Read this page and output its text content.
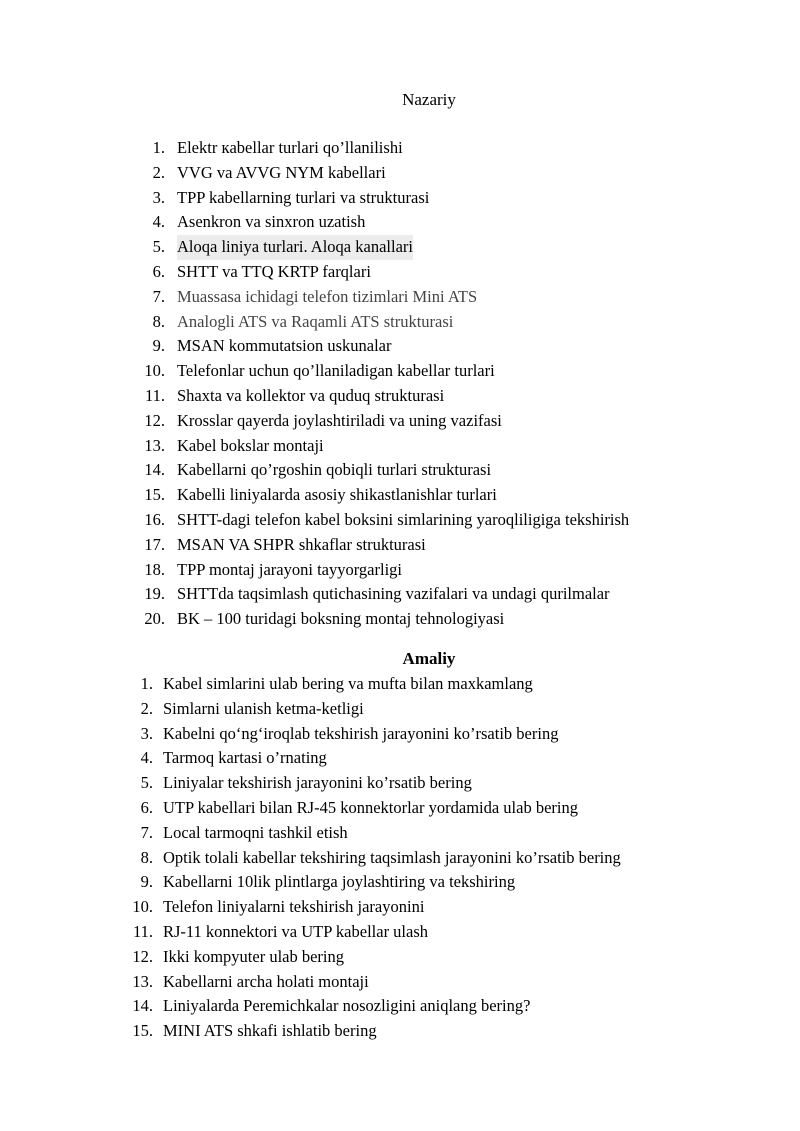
Nazariy
1. Elektr кabellar turlari qo’llanilishi
2. VVG va AVVG NYM kabellari
3. TPP kabellarning turlari va strukturasi
4. Asenkron va sinxron uzatish
5. Aloqa liniya turlari. Aloqa kanallari
6. SHTT va TTQ KRTP farqlari
7. Muassasa ichidagi telefon tizimlari Mini ATS
8. Analogli ATS va Raqamli ATS strukturasi
9. MSAN kommutatsion uskunalar
10. Telefonlar uchun qo’llaniladigan kabellar turlari
11. Shaxta va kollektor va quduq strukturasi
12. Krosslar qayerda joylashtiriladi va uning vazifasi
13. Kabel bokslar montaji
14. Kabellarni qo’rgoshin qobiqli turlari strukturasi
15. Kabelli liniyalarda asosiy shikastlanishlar turlari
16. SHTT-dagi telefon kabel boksini simlarining yaroqliligiga tekshirish
17. MSAN VA SHPR shkaflar strukturasi
18. TPP montaj jarayoni tayyorgarligi
19. SHTTda taqsimlash qutichasining vazifalari va undagi qurilmalar
20. BK – 100 turidagi boksning montaj tehnologiyasi
Amaliy
1. Kabel simlarini ulab bering va mufta bilan maxkamlang
2. Simlarni ulanish ketma-ketligi
3. Kabelni qo‘ng‘iroqlab tekshirish jarayonini ko’rsatib bering
4. Tarmoq kartasi o’rnating
5. Liniyalar tekshirish jarayonini ko’rsatib bering
6. UTP kabellari bilan RJ-45 konnektorlar yordamida ulab bering
7. Local tarmoqni tashkil etish
8. Optik tolali kabellar tekshiring taqsimlash jarayonini ko’rsatib bering
9. Kabellarni 10lik plintlarga joylashtiring va tekshiring
10. Telefon liniyalarni tekshirish jarayonini
11. RJ-11 konnektori va UTP kabellar ulash
12. Ikki kompyuter ulab bering
13. Kabellarni archa holati montaji
14. Liniyalarda Peremichkalar nosozligini aniqlang bering?
15. MINI ATS shkafi ishlatib bering
